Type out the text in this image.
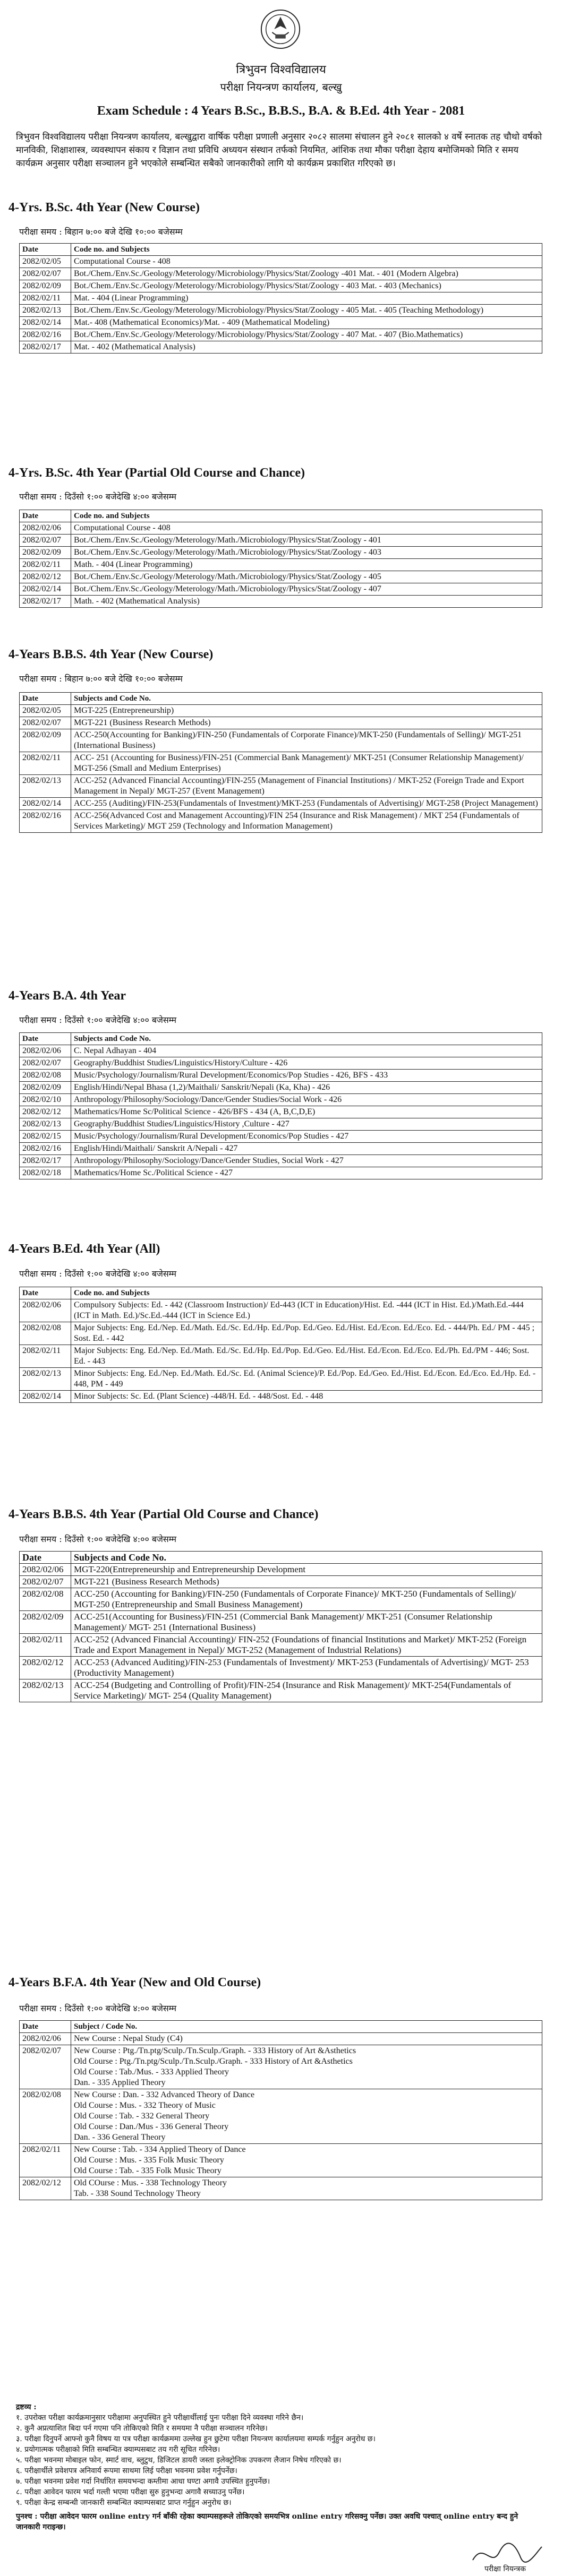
त्रिभुवन विश्वविद्यालय
परीक्षा नियन्त्रण कार्यालय, बल्खु
Exam Schedule : 4 Years B.Sc., B.B.S., B.A. & B.Ed. 4th Year - 2081
त्रिभुवन विश्वविद्यालय परीक्षा नियन्त्रण कार्यालय, बल्खुद्वारा वार्षिक परीक्षा प्रणाली अनुसार २०८२ सालमा संचालन हुने २०८१ सालको ४ वर्षे स्नातक तह चौथो वर्षको मानविकी, शिक्षाशास्त्र, व्यवस्थापन संकाय र विज्ञान तथा प्रविधि अध्ययन संस्थान तर्फको नियमित, आंशिक तथा मौका परीक्षा देहाय बमोजिमको मिति र समय कार्यक्रम अनुसार परीक्षा सञ्चालन हुने भएकोले सम्बन्धित सबैको जानकारीको लागि यो कार्यक्रम प्रकाशित गरिएको छ।
4-Yrs. B.Sc. 4th Year (New Course)
परीक्षा समय : बिहान ७:०० बजे देखि १०:०० बजेसम्म
Date	Code no. and Subjects
2082/02/05	Computational Course - 408
2082/02/07	Bot./Chem./Env.Sc./Geology/Meterology/Microbiology/Physics/Stat/Zoology -401 Mat. - 401 (Modern Algebra)
2082/02/09	Bot./Chem./Env.Sc./Geology/Meterology/Microbiology/Physics/Stat/Zoology - 403 Mat. - 403 (Mechanics)
2082/02/11	Mat. - 404 (Linear Programming)
2082/02/13	Bot./Chem./Env.Sc./Geology/Meterology/Microbiology/Physics/Stat/Zoology - 405 Mat. - 405 (Teaching Methodology)
2082/02/14	Mat.- 408 (Mathematical Economics)/Mat. - 409 (Mathematical Modeling)
2082/02/16	Bot./Chem./Env.Sc./Geology/Meterology/Microbiology/Physics/Stat/Zoology - 407 Mat. - 407 (Bio.Mathematics)
2082/02/17	Mat. - 402 (Mathematical Analysis)
4-Yrs. B.Sc. 4th Year (Partial Old Course and Chance)
परीक्षा समय : दिउँसो १:०० बजेदेखि ४:०० बजेसम्म
Date	Code no. and Subjects
2082/02/06	Computational Course - 408
2082/02/07	Bot./Chem./Env.Sc./Geology/Meterology/Math./Microbiology/Physics/Stat/Zoology - 401
2082/02/09	Bot./Chem./Env.Sc./Geology/Meterology/Math./Microbiology/Physics/Stat/Zoology - 403
2082/02/11	Math. - 404 (Linear Programming)
2082/02/12	Bot./Chem./Env.Sc./Geology/Meterology/Math./Microbiology/Physics/Stat/Zoology - 405
2082/02/14	Bot./Chem./Env.Sc./Geology/Meterology/Math./Microbiology/Physics/Stat/Zoology - 407
2082/02/17	Math. - 402 (Mathematical Analysis)
4-Years B.B.S. 4th Year (New Course)
परीक्षा समय : बिहान ७:०० बजे देखि १०:०० बजेसम्म
Date	Subjects and Code No.
2082/02/05	MGT-225 (Entrepreneurship)
2082/02/07	MGT-221 (Business Research Methods)
2082/02/09	ACC-250(Accounting for Banking)/FIN-250 (Fundamentals of Corporate Finance)/MKT-250 (Fundamentals of Selling)/ MGT-251 (International Business)
2082/02/11	ACC- 251 (Accounting for Business)/FIN-251 (Commercial Bank Management)/ MKT-251 (Consumer Relationship Management)/ MGT-256 (Small and Medium Enterprises)
2082/02/13	ACC-252 (Advanced Financial Accounting)/FIN-255 (Management of Financial Institutions) / MKT-252 (Foreign Trade and Export Management in Nepal)/ MGT-257 (Event Management)
2082/02/14	ACC-255 (Auditing)/FIN-253(Fundamentals of Investment)/MKT-253 (Fundamentals of Advertising)/ MGT-258 (Project Management)
2082/02/16	ACC-256(Advanced Cost and Management Accounting)/FIN 254 (Insurance and Risk Management) / MKT 254 (Fundamentals of Services Marketing)/ MGT 259 (Technology and Information Management)
4-Years B.A. 4th Year
परीक्षा समय : दिउँसो १:०० बजेदेखि ४:०० बजेसम्म
Date	Subjects and Code No.
2082/02/06	C. Nepal Adhayan - 404
2082/02/07	Geography/Buddhist Studies/Linguistics/History/Culture - 426
2082/02/08	Music/Psychology/Journalism/Rural Development/Economics/Pop Studies - 426, BFS - 433
2082/02/09	English/Hindi/Nepal Bhasa (1,2)/Maithali/ Sanskrit/Nepali (Ka, Kha) - 426
2082/02/10	Anthropology/Philosophy/Sociology/Dance/Gender Studies/Social Work - 426
2082/02/12	Mathematics/Home Sc/Political Science - 426/BFS - 434 (A, B,C,D,E)
2082/02/13	Geography/Buddhist Studies/Linguistics/History ,Culture - 427
2082/02/15	Music/Psychology/Journalism/Rural Development/Economics/Pop Studies - 427
2082/02/16	English/Hindi/Maithali/ Sanskrit A/Nepali - 427
2082/02/17	Anthropology/Philosophy/Sociology/Dance/Gender Studies, Social Work - 427
2082/02/18	Mathematics/Home Sc./Political Science - 427
4-Years B.Ed. 4th Year (All)
परीक्षा समय : दिउँसो १:०० बजेदेखि ४:०० बजेसम्म
Date	Code no. and Subjects
2082/02/06	Compulsory Subjects: Ed. - 442 (Classroom Instruction)/ Ed-443 (ICT in Education)/Hist. Ed. -444 (ICT in Hist. Ed.)/Math.Ed.-444 (ICT in Math. Ed.)/Sc.Ed.-444 (ICT in Science Ed.)
2082/02/08	Major Subjects: Eng. Ed./Nep. Ed./Math. Ed./Sc. Ed./Hp. Ed./Pop. Ed./Geo. Ed./Hist. Ed./Econ. Ed./Eco. Ed. - 444/Ph. Ed./ PM - 445 ; Sost. Ed. - 442
2082/02/11	Major Subjects: Eng. Ed./Nep. Ed./Math. Ed./Sc. Ed./Hp. Ed./Pop. Ed./Geo. Ed./Hist. Ed./Econ. Ed./Eco. Ed./Ph. Ed./PM - 446; Sost. Ed. - 443
2082/02/13	Minor Subjects: Eng. Ed./Nep. Ed./Math. Ed./Sc. Ed. (Animal Science)/P. Ed./Pop. Ed./Geo. Ed./Hist. Ed./Econ. Ed./Eco. Ed./Hp. Ed. - 448, PM - 449
2082/02/14	Minor Subjects: Sc. Ed. (Plant Science) -448/H. Ed. - 448/Sost. Ed. - 448
4-Years B.B.S. 4th Year (Partial Old Course and Chance)
परीक्षा समय : दिउँसो १:०० बजेदेखि ४:०० बजेसम्म
Date	Subjects and Code No.
2082/02/06	MGT-220(Entrepreneurship and Entrepreneurship Development
2082/02/07	MGT-221 (Business Research Methods)
2082/02/08	ACC-250 (Accounting for Banking)/FIN-250 (Fundamentals of Corporate Finance)/ MKT-250 (Fundamentals of Selling)/ MGT-250 (Entrepreneurship and Small Business Management)
2082/02/09	ACC-251(Accounting for Business)/FIN-251 (Commercial Bank Management)/ MKT-251 (Consumer Relationship Management)/ MGT- 251 (International Business)
2082/02/11	ACC-252 (Advanced Financial Accounting)/ FIN-252 (Foundations of financial Institutions and Market)/ MKT-252 (Foreign Trade and Export Management in Nepal)/ MGT-252 (Management of Industrial Relations)
2082/02/12	ACC-253 (Advanced Auditing)/FIN-253 (Fundamentals of Investment)/ MKT-253 (Fundamentals of Advertising)/ MGT- 253 (Productivity Management)
2082/02/13	ACC-254 (Budgeting and Controlling of Profit)/FIN-254 (Insurance and Risk Management)/ MKT-254(Fundamentals of Service Marketing)/ MGT- 254 (Quality Management)
4-Years B.F.A. 4th Year (New and Old Course)
परीक्षा समय : दिउँसो १:०० बजेदेखि ४:०० बजेसम्म
Date	Subject / Code No.
2082/02/06	New Course : Nepal Study (C4)

2082/02/07	New Course : Ptg./Tn.ptg/Sculp./Tn.Sculp./Graph. - 333 History of Art &Asthetics
Old Course : Ptg./Tn.ptg/Sculp./Tn.Sculp./Graph. - 333 History of Art &Asthetics
Old Course : Tab./Mus. - 333 Applied Theory
Dan. - 335 Applied Theory

2082/02/08	New Course : Dan. - 332 Advanced Theory of Dance
Old Course : Mus. - 332 Theory of Music
Old Course : Tab. - 332 General Theory
Old Course : Dan./Mus - 336 General Theory
Dan. - 336 General Theory

2082/02/11	New Course : Tab. - 334 Applied Theory of Dance
Old Course : Mus. - 335 Folk Music Theory
Old Course : Tab. - 335 Folk Music Theory

2082/02/12	Old COurse : Mus. - 338 Technology Theory
Tab. - 338 Sound Technology Theory
द्रष्टव्य :
१. उपरोक्त परीक्षा कार्यक्रमानुसार परीक्षामा अनुपस्थित हुने परीक्षार्थीलाई पुनः परीक्षा दिने व्यवस्था गरिने छैन।
२. कुनै अप्रत्याशित बिदा पर्न गएमा पनि तोकिएको मिति र समयमा नै परीक्षा सञ्चालन गरिनेछ।
३. परीक्षा दिनुपर्ने आफ्नो कुनै विषय या पत्र परीक्षा कार्यक्रममा उल्लेख हुन छुटेमा परीक्षा नियन्त्रण कार्यालयमा सम्पर्क गर्नुहुन अनुरोध छ।
४. प्रयोगात्मक परीक्षाको मिति सम्बन्धित क्याम्पसबाट तय गरी सूचित गरिनेछ।
५. परीक्षा भवनमा मोबाइल फोन, स्मार्ट वाच, ब्लुटुथ, डिजिटल डायरी जस्ता इलेक्ट्रोनिक उपकरण लैजान निषेध गरिएको छ।
६. परीक्षार्थीले प्रवेशपत्र अनिवार्य रूपमा साथमा लिई परीक्षा भवनमा प्रवेश गर्नुपर्नेछ।
७. परीक्षा भवनमा प्रवेश गर्दा निर्धारित समयभन्दा कम्तीमा आधा घण्टा अगावै उपस्थित हुनुपर्नेछ।
८. परीक्षा आवेदन फारम भर्दा गल्ती भएमा परीक्षा सुरु हुनुभन्दा अगावै सच्याउनु पर्नेछ।
९. परीक्षा केन्द्र सम्बन्धी जानकारी सम्बन्धित क्याम्पसबाट प्राप्त गर्नुहुन अनुरोध छ।
पुनश्च : परीक्षा आवेदन फारम online entry गर्न बाँकी रहेका क्याम्पसहरूले तोकिएको समयभित्र online entry गरिसक्नु पर्नेछ। उक्त अवधि पश्चात् online entry बन्द हुने जानकारी गराइन्छ।
परीक्षा नियन्त्रक
